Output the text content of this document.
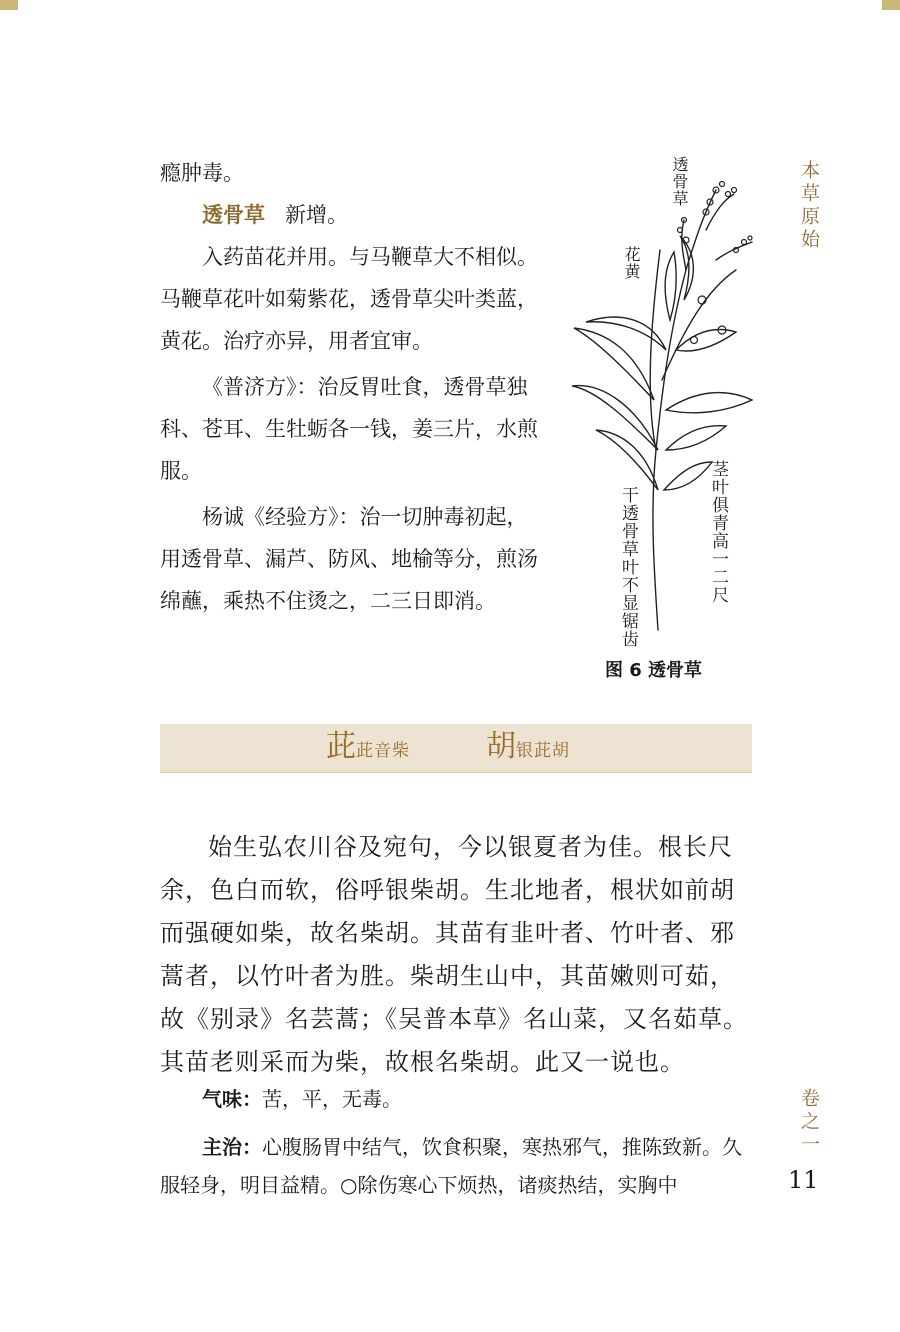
本草原始

瘾肿毒。

透骨草 新增。

入药苗花并用。与马鞭草大不相似。马鞭草花叶如菊紫花，透骨草尖叶类蓝，黄花。治疗亦异，用者宜审。

《普济方》：治反胃吐食，透骨草独科、苍耳、生牡蛎各一钱，姜三片，水煎服。

杨诚《经验方》：治一切肿毒初起，用透骨草、漏芦、防风、地榆等分，煎汤绵蘸，乘热不住烫之，二三日即消。

透骨草
花黄
茎叶俱青高一二尺
干透骨草叶不显锯齿
图 6 透骨草
茈茈音柴	胡银茈胡

始生弘农川谷及宛句，今以银夏者为佳。根长尺余，色白而软，俗呼银柴胡。生北地者，根状如前胡而强硬如柴，故名柴胡。其苗有韭叶者、竹叶者、邪蒿者，以竹叶者为胜。柴胡生山中，其苗嫩则可茹，故《别录》名芸蒿；《吴普本草》名山菜，又名茹草。其苗老则采而为柴，故根名柴胡。此又一说也。

气味：苦，平，无毒。
主治：心腹肠胃中结气，饮食积聚，寒热邪气，推陈致新。久服轻身，明目益精。○除伤寒心下烦热，诸痰热结，实胸中
卷之一
11
